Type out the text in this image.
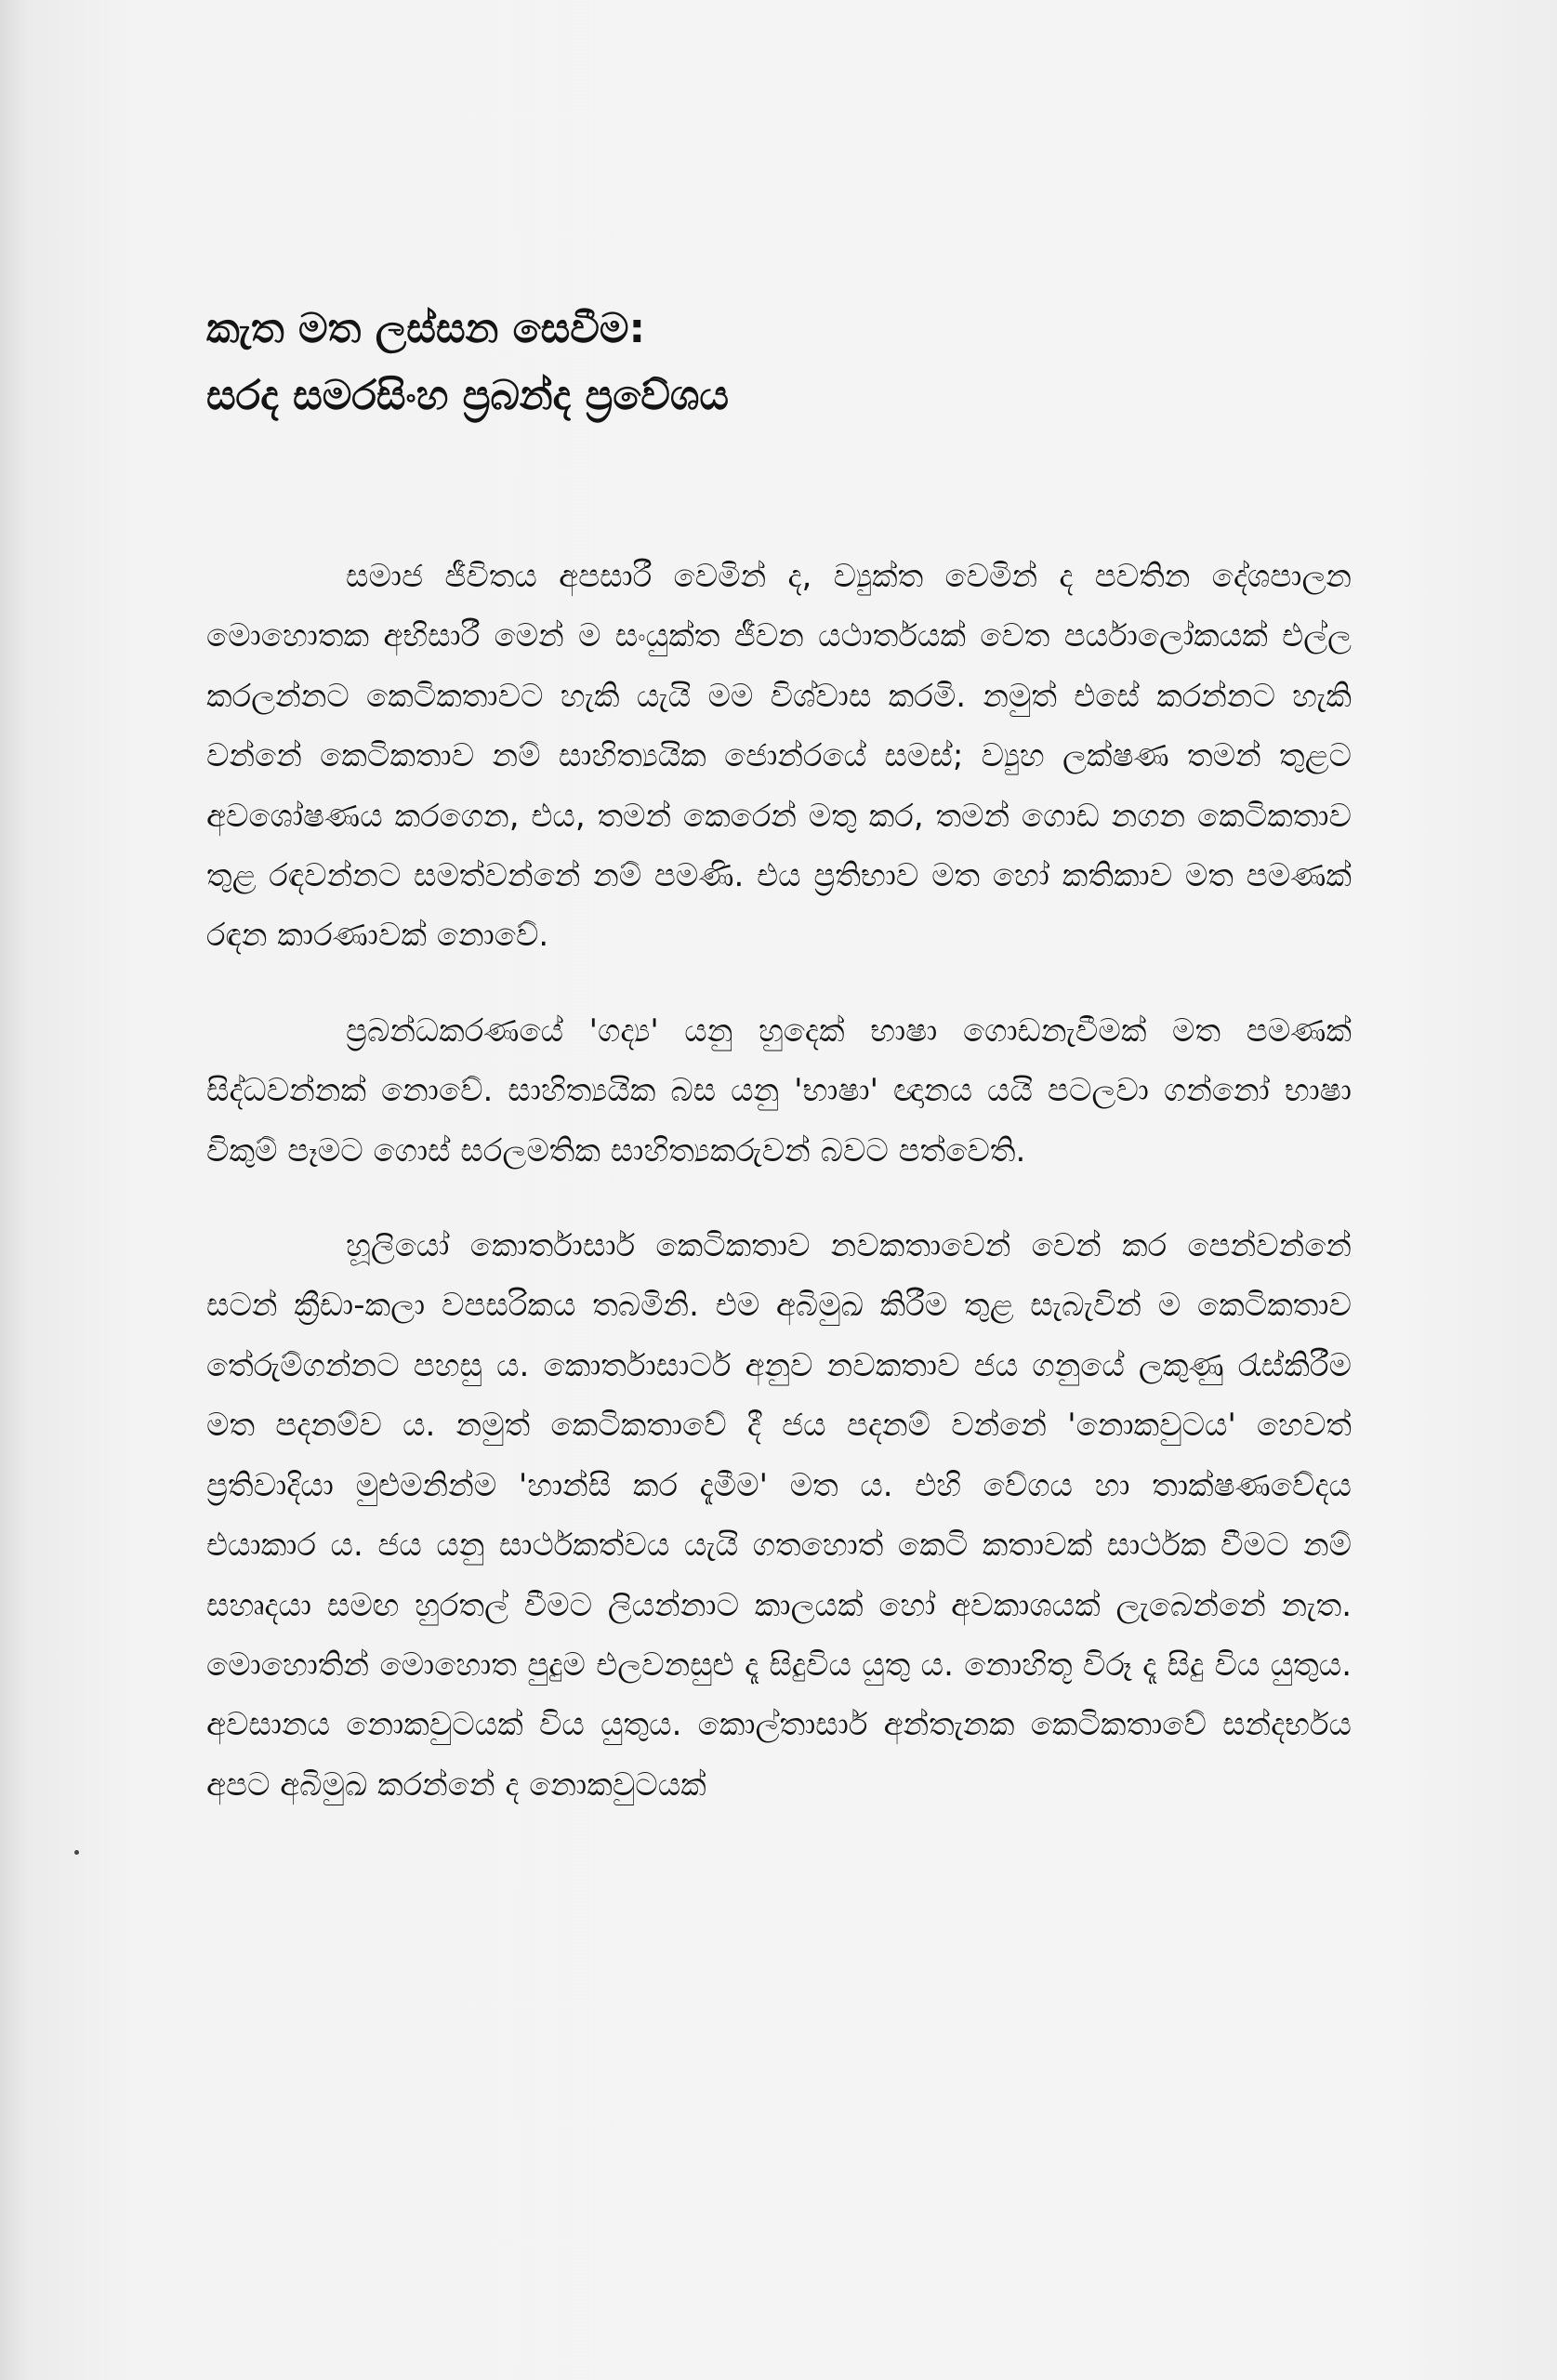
කැත මත ලස්සන සෙවීම:
සරද සමරසිංහ ප්‍රබන්ද ප්‍රවේශය
සමාජ ජීවිතය අපසාරී වෙමින් ද, ව්‍යුක්ත වෙමින් ද පවතින දේශපාලන මොහොතක අභිසාරී මෙන් ම සංයුක්ත ජීවන යථාර්තයක් වෙත පර්යාලෝකයක් එල්ල කරලන්නට කෙටිකතාවට හැකි යැයි මම විශ්වාස කරමි. නමුත් එසේ කරන්නට හැකි වන්නේ කෙටිකතාව නම් සාහිත්‍යයික ජොන්රයේ සමස්; ව්‍යුහ ලක්ෂණ තමන් තුළට අවශෝෂණය කරගෙන, එය, තමන් කෙරෙන් මතු කර, තමන් ගොඩ නගන කෙටිකතාව තුළ රඳවන්නට සමත්වන්නේ නම් පමණි. එය ප්‍රතිභාව මත හෝ කතිකාව මත පමණක් රඳන කාරණාවක් නොවේ.
ප්‍රබන්ධකරණයේ 'ගද්‍ය' යනු හුදෙක් භාෂා ගොඩනැවීමක් මත පමණක් සිද්ධවන්නක් නොවේ. සාහිත්‍යයික බස යනු 'භාෂා' ඥානය යයි පටලවා ගන්නෝ භාෂා විකුම් පෑමට ගොස් සරලමතික සාහිත්‍යකරුවන් බවට පත්වෙති.
හූලියෝ කොර්තාසාර් කෙටිකතාව නවකතාවෙන් වෙන් කර පෙන්වන්නේ සටන් ක්‍රීඩා-කලා වපසරිකය තබමිනි. එම අබිමුඛ කිරීම තුළ සැබැවින් ම කෙටිකතාව තේරුම්ගන්නට පහසු ය. කොර්තාසාර්ට අනුව නවකතාව ජය ගනුයේ ලකුණු රැස්කිරීම මත පදනම්ව ය. නමුත් කෙටිකතාවේ දී ජය පදනම් වන්නේ 'නොකවුටය' හෙවත් ප්‍රතිවාදියා මුළුමනින්ම 'හාන්සි කර දැමීම' මත ය. එහි වේගය හා තාක්ෂණවේදය එයාකාර ය. ජය යනු සාර්ථකත්වය යැයි ගතහොත් කෙටි කතාවක් සාර්ථක වීමට නම් සහෘදයා සමඟ හුරතල් වීමට ලියන්නාට කාලයක් හෝ අවකාශයක් ලැබෙන්නේ නැත. මොහොතින් මොහොත පුදුම එලවනසුළු දෑ සිදුවිය යුතු ය. නොහිතූ විරූ දෑ සිදු විය යුතුය. අවසානය නොකවුටයක් විය යුතුය. කොල්තාසාර් අන්තැනක කෙටිකතාවේ සන්දර්භය අපට අබිමුඛ කරන්නේ ද නොකවුටයක්
